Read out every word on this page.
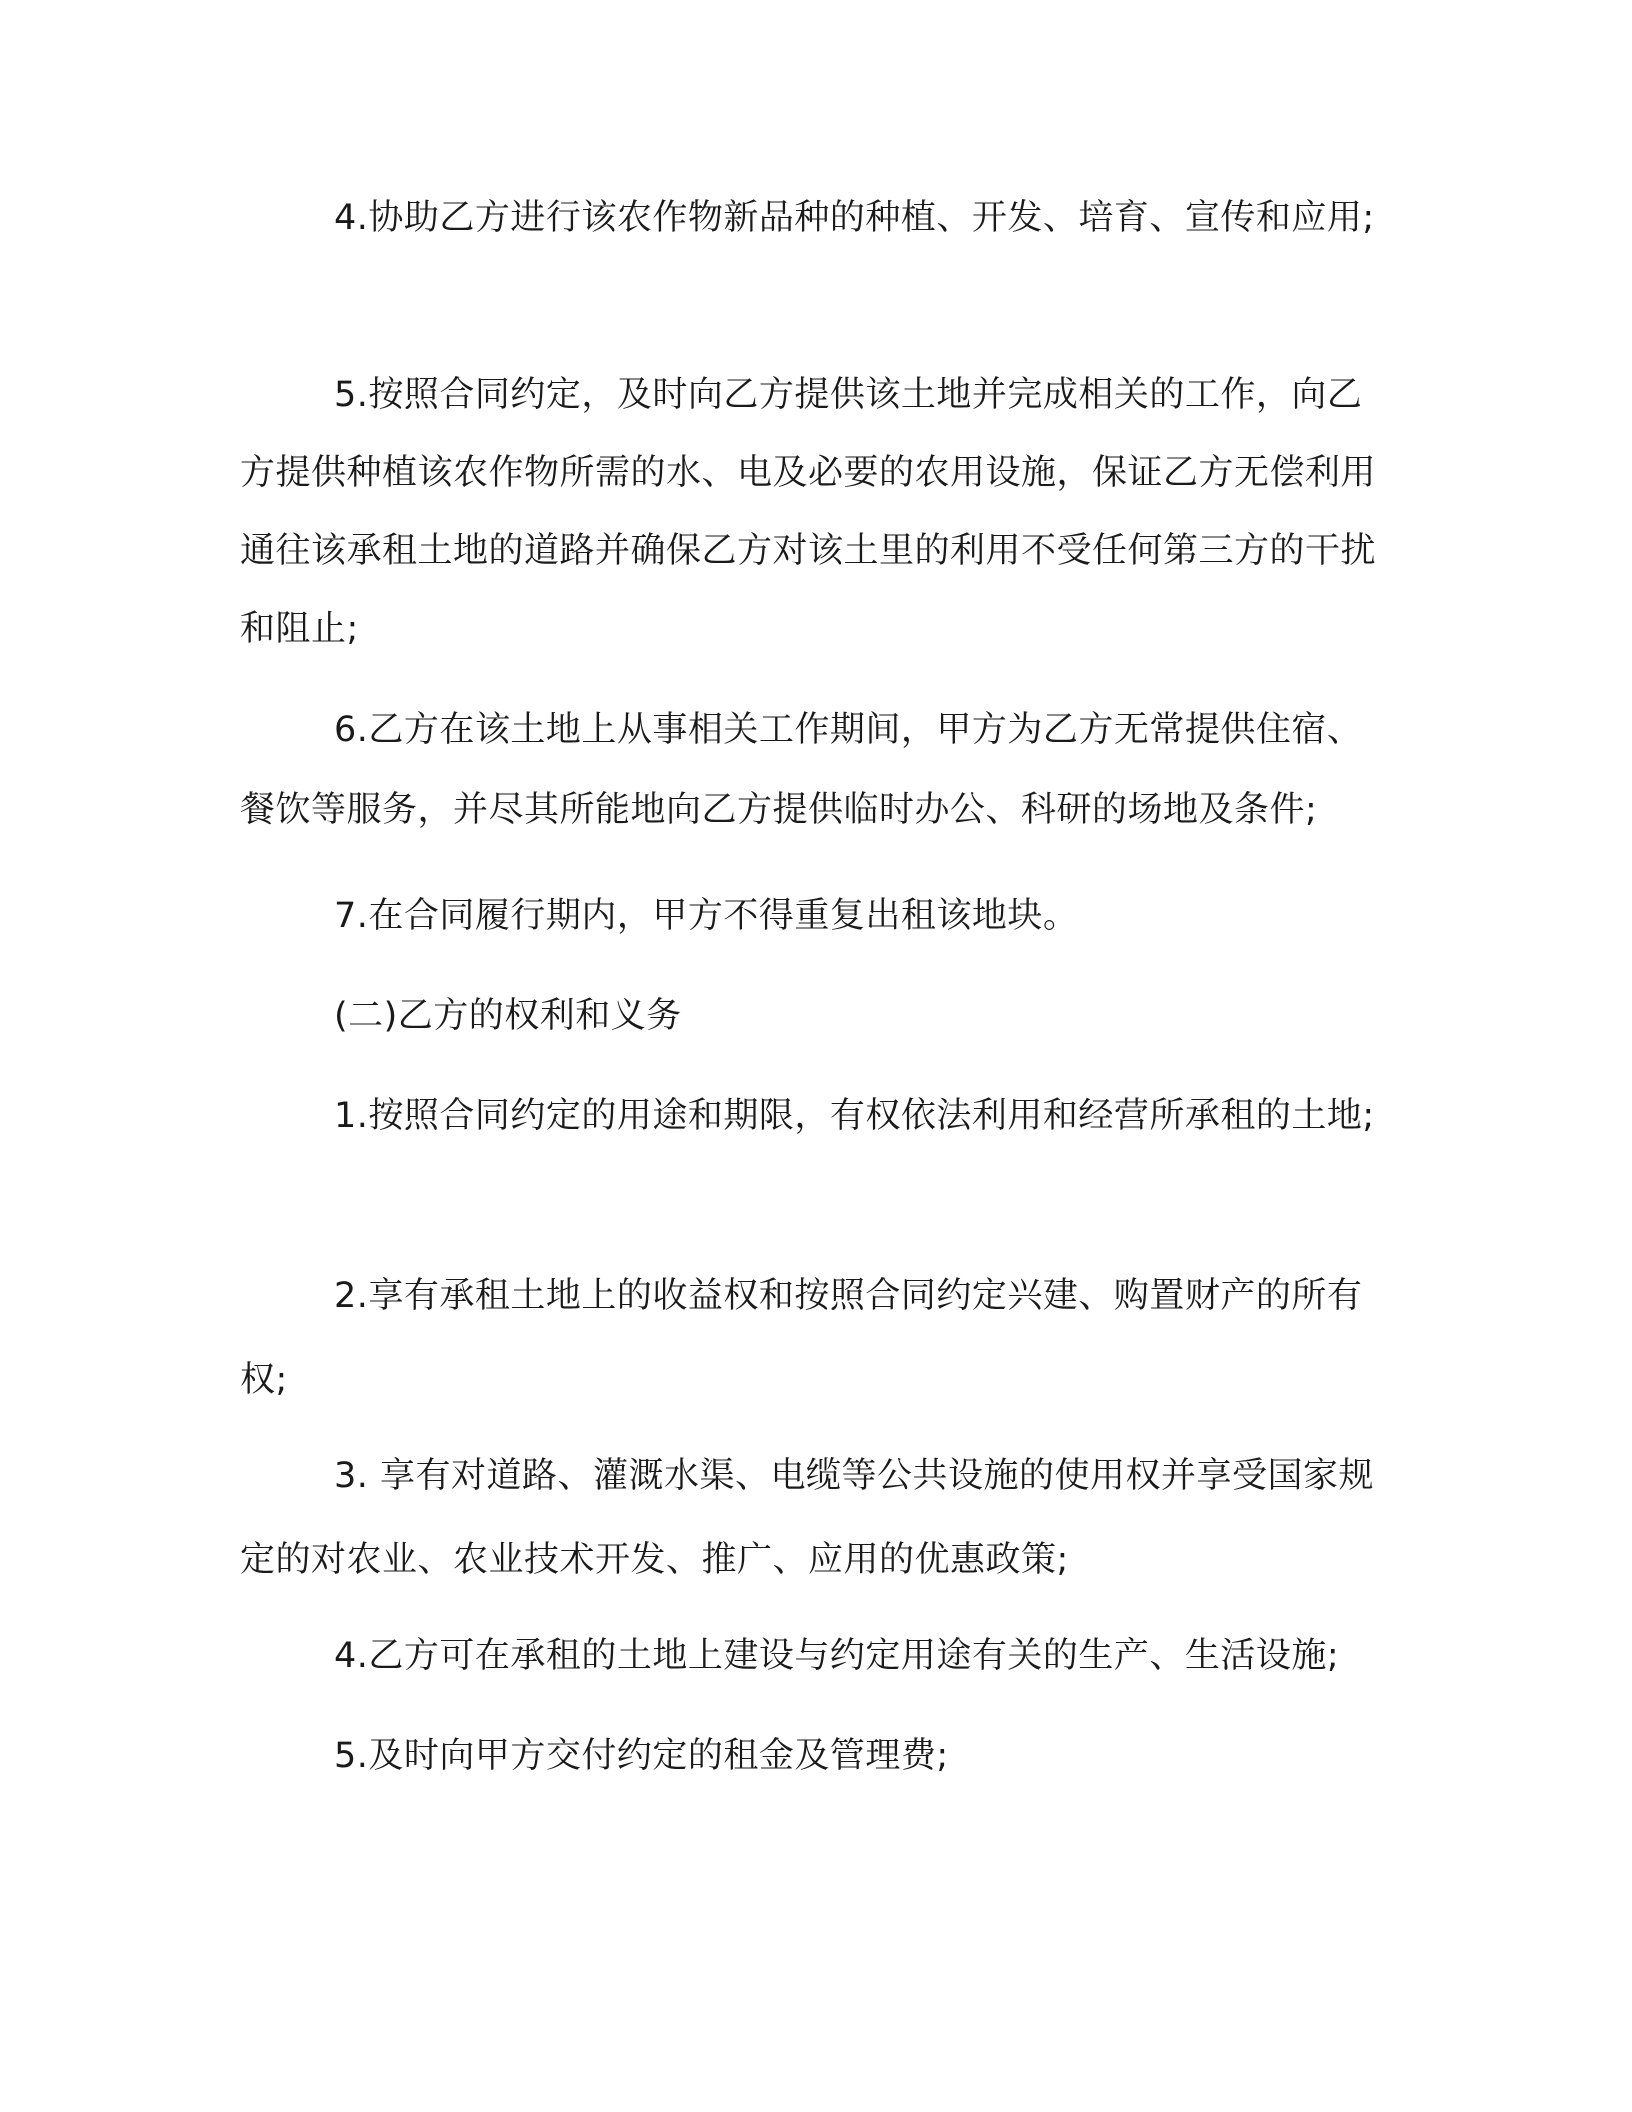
4.协助乙方进行该农作物新品种的种植、开发、培育、宣传和应用;

5.按照合同约定，及时向乙方提供该土地并完成相关的工作，向乙方提供种植该农作物所需的水、电及必要的农用设施，保证乙方无偿利用通往该承租土地的道路并确保乙方对该土里的利用不受任何第三方的干扰和阻止;

6.乙方在该土地上从事相关工作期间，甲方为乙方无常提供住宿、餐饮等服务，并尽其所能地向乙方提供临时办公、科研的场地及条件;

7.在合同履行期内，甲方不得重复出租该地块。

(二)乙方的权利和义务

1.按照合同约定的用途和期限，有权依法利用和经营所承租的土地;

2.享有承租土地上的收益权和按照合同约定兴建、购置财产的所有权;

3. 享有对道路、灌溉水渠、电缆等公共设施的使用权并享受国家规定的对农业、农业技术开发、推广、应用的优惠政策;

4.乙方可在承租的土地上建设与约定用途有关的生产、生活设施;

5.及时向甲方交付约定的租金及管理费;
